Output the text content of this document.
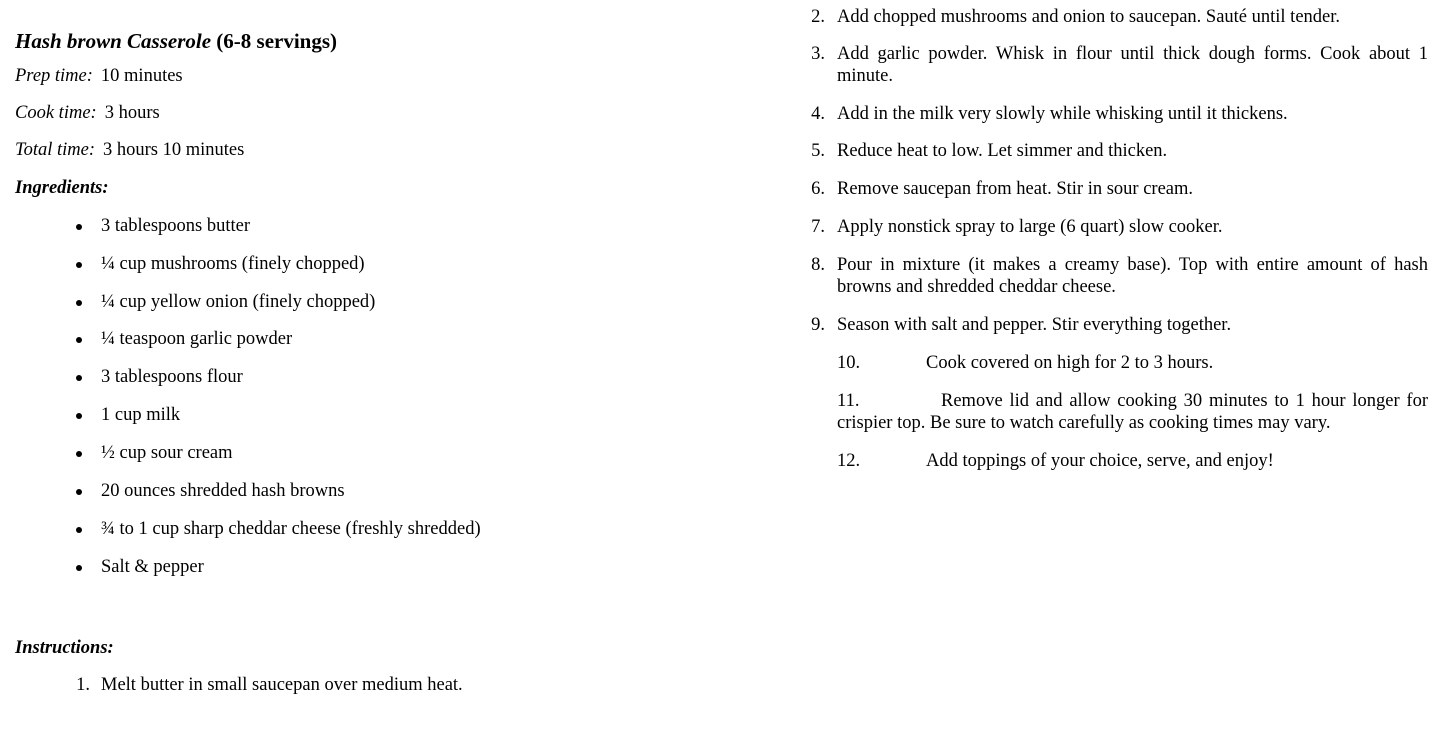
Hash brown Casserole (6-8 servings)
Prep time: 10 minutes
Cook time: 3 hours
Total time: 3 hours 10 minutes
Ingredients:
3 tablespoons butter
¼ cup mushrooms (finely chopped)
¼ cup yellow onion (finely chopped)
¼ teaspoon garlic powder
3 tablespoons flour
1 cup milk
½ cup sour cream
20 ounces shredded hash browns
¾ to 1 cup sharp cheddar cheese (freshly shredded)
Salt & pepper
Instructions:
1. Melt butter in small saucepan over medium heat.
2. Add chopped mushrooms and onion to saucepan. Sauté until tender.
3. Add garlic powder. Whisk in flour until thick dough forms. Cook about 1 minute.
4. Add in the milk very slowly while whisking until it thickens.
5. Reduce heat to low. Let simmer and thicken.
6. Remove saucepan from heat. Stir in sour cream.
7. Apply nonstick spray to large (6 quart) slow cooker.
8. Pour in mixture (it makes a creamy base). Top with entire amount of hash browns and shredded cheddar cheese.
9. Season with salt and pepper. Stir everything together.
10.	Cook covered on high for 2 to 3 hours.
11.	Remove lid and allow cooking 30 minutes to 1 hour longer for crispier top. Be sure to watch carefully as cooking times may vary.
12.	Add toppings of your choice, serve, and enjoy!
